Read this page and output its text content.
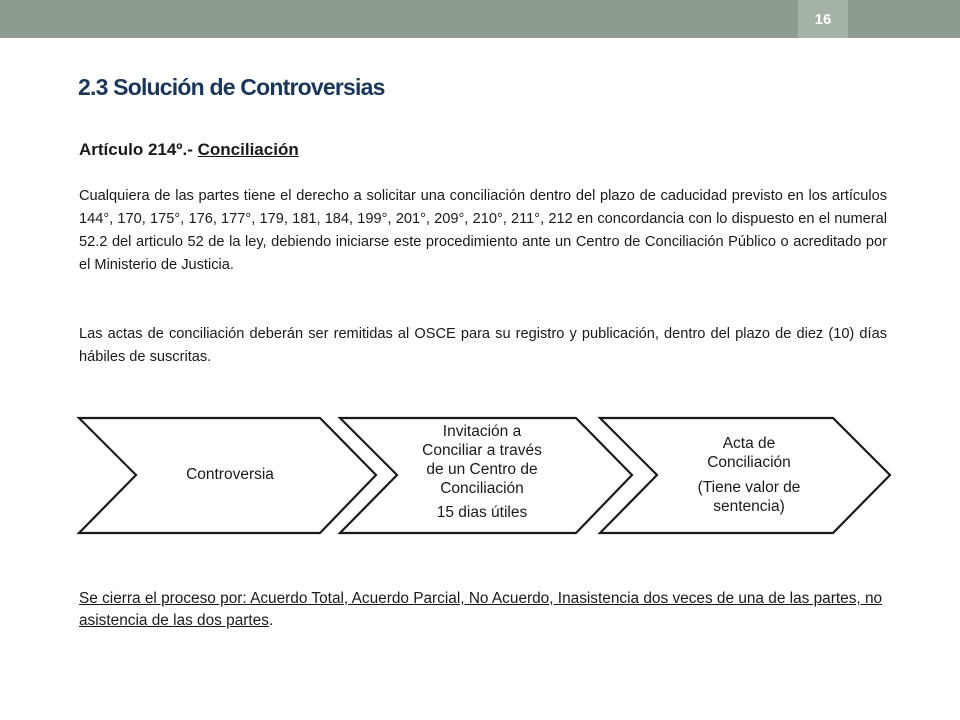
16
2.3 Solución de Controversias
Artículo 214º.- Conciliación
Cualquiera de las partes tiene el derecho a solicitar una conciliación dentro del plazo de caducidad previsto en los artículos 144°, 170, 175°, 176, 177°, 179, 181, 184, 199°, 201°, 209°, 210°, 211°, 212 en concordancia con lo dispuesto en el numeral 52.2 del articulo 52 de la ley, debiendo iniciarse este procedimiento ante un Centro de Conciliación Público o acreditado por el Ministerio de Justicia.
Las actas de conciliación deberán ser remitidas al OSCE para su registro y publicación, dentro del plazo de diez (10) días hábiles de suscritas.
Controversia
Invitación a
Conciliar a través
de un Centro de
Conciliación
15 dias útiles
Acta de
Conciliación
(Tiene valor de
sentencia)
Se cierra el proceso por: Acuerdo Total, Acuerdo Parcial, No Acuerdo, Inasistencia dos veces de una de las partes, no asistencia de las dos partes.
